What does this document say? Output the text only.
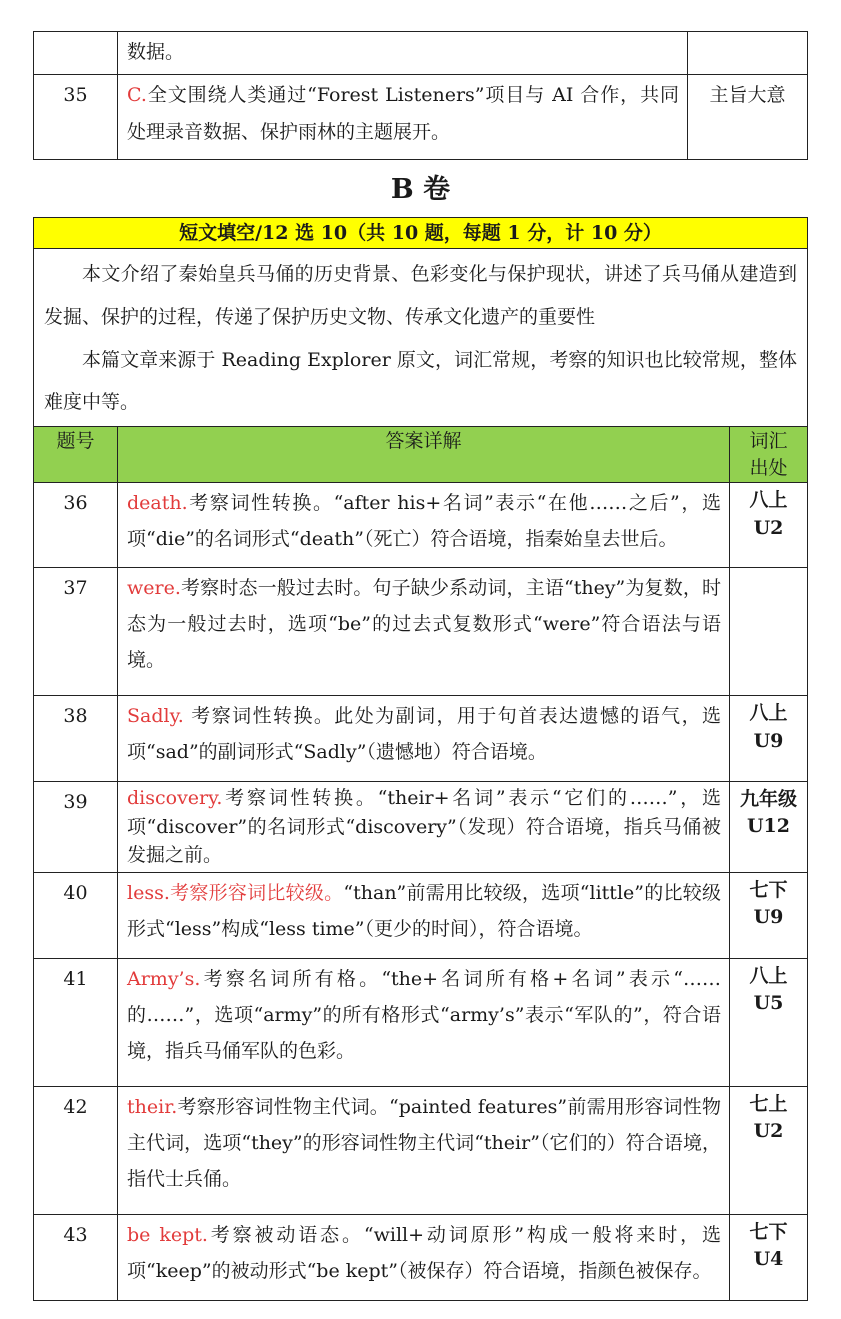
	数据。	
35	C.全文围绕人类通过“Forest Listeners”项目与 AI 合作，共同处理录音数据、保护雨林的主题展开。	主旨大意
B 卷
短文填空/12 选 10（共 10 题，每题 1 分，计 10 分）		

本文介绍了秦始皇兵马俑的历史背景、色彩变化与保护现状，讲述了兵马俑从建造到发掘、保护的过程，传递了保护历史文物、传承文化遗产的重要性

本篇文章来源于 Reading Explorer 原文，词汇常规，考察的知识也比较常规，整体难度中等。		

题号	答案详解	词汇
出处
36	death.考察词性转换。“after his+名词”表示“在他……之后”，选项“die”的名词形式“death”（死亡）符合语境，指秦始皇去世后。	八上
U2
37	were.考察时态一般过去时。句子缺少系动词，主语“they”为复数，时态为一般过去时，选项“be”的过去式复数形式“were”符合语法与语境。	

38	Sadly. 考察词性转换。此处为副词，用于句首表达遗憾的语气，选项“sad”的副词形式“Sadly”（遗憾地）符合语境。	八上
U9
39	discovery.考察词性转换。“their+名词”表示“它们的……”，选项“discover”的名词形式“discovery”（发现）符合语境，指兵马俑被发掘之前。	九年级
U12
40	less.考察形容词比较级。“than”前需用比较级，选项“little”的比较级形式“less”构成“less time”（更少的时间），符合语境。	七下
U9
41	Army’s.考察名词所有格。“the+名词所有格+名词”表示“……的……”，选项“army”的所有格形式“army’s”表示“军队的”，符合语境，指兵马俑军队的色彩。	八上
U5
42	their.考察形容词性物主代词。“painted features”前需用形容词性物主代词，选项“they”的形容词性物主代词“their”（它们的）符合语境，指代士兵俑。	七上
U2
43	be kept.考察被动语态。“will+动词原形”构成一般将来时，选项“keep”的被动形式“be kept”（被保存）符合语境，指颜色被保存。	七下
U4
